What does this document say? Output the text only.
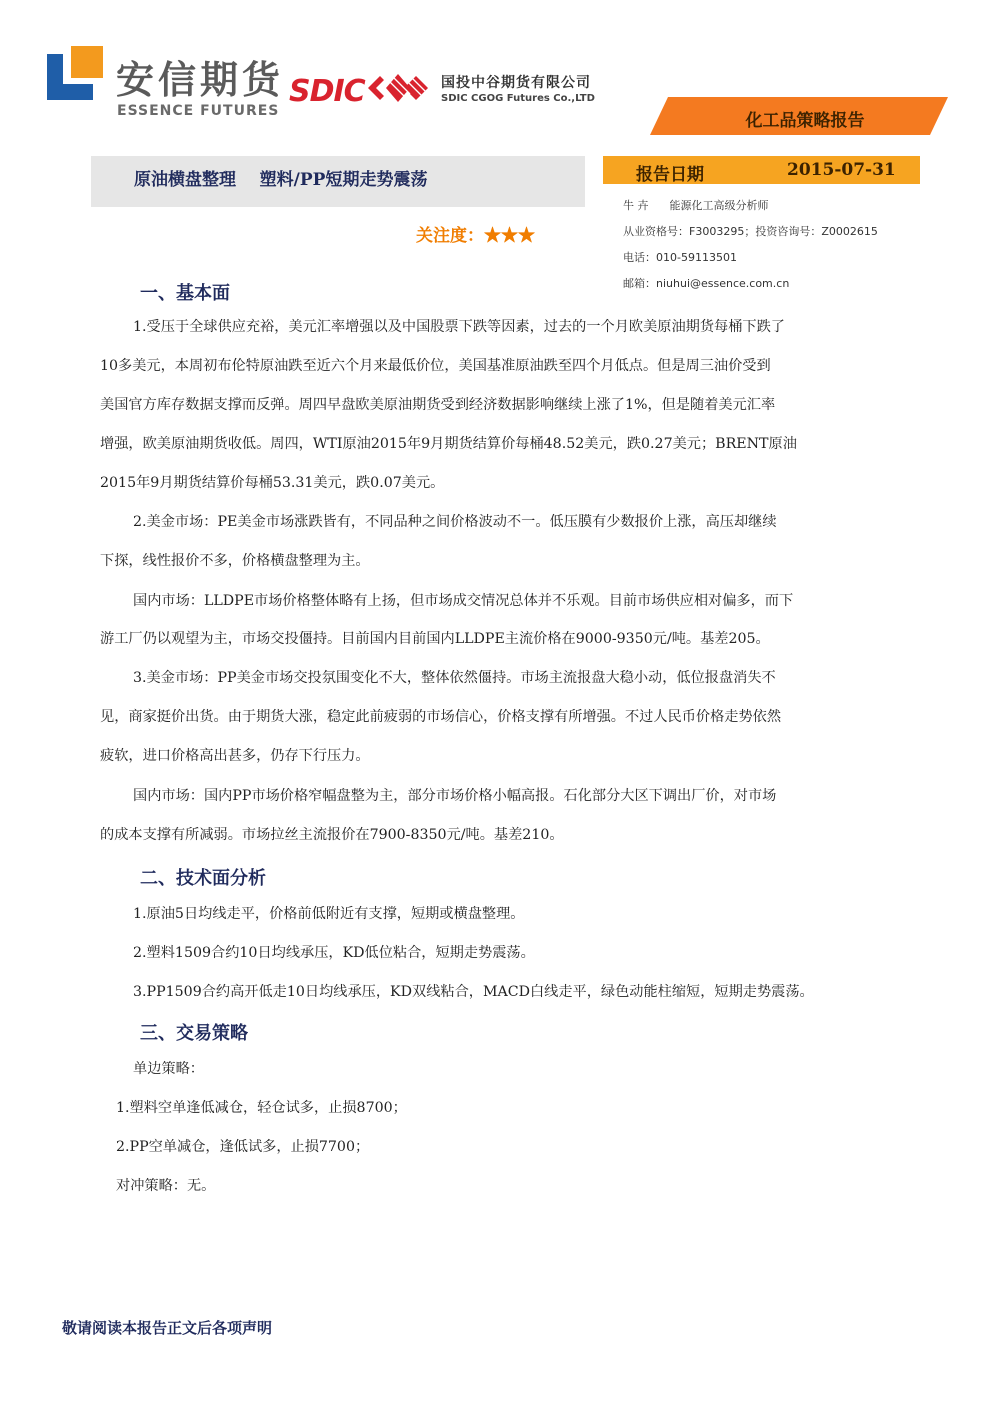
安信期货
ESSENCE FUTURES
SDIC	国投中谷期货有限公司
SDIC CGOG Futures Co.,LTD
化工品策略报告
原油横盘整理    塑料/PP短期走势震荡
关注度：★★★
报告日期	2015-07-31
牛 卉      能源化工高级分析师
从业资格号：F3003295；投资咨询号：Z0002615
电话：010-59113501
邮箱：niuhui@essence.com.cn
一、基本面
1.受压于全球供应充裕，美元汇率增强以及中国股票下跌等因素，过去的一个月欧美原油期货每桶下跌了
10多美元，本周初布伦特原油跌至近六个月来最低价位，美国基准原油跌至四个月低点。但是周三油价受到
美国官方库存数据支撑而反弹。周四早盘欧美原油期货受到经济数据影响继续上涨了1%，但是随着美元汇率
增强，欧美原油期货收低。周四，WTI原油2015年9月期货结算价每桶48.52美元，跌0.27美元；BRENT原油
2015年9月期货结算价每桶53.31美元，跌0.07美元。
2.美金市场：PE美金市场涨跌皆有，不同品种之间价格波动不一。低压膜有少数报价上涨，高压却继续
下探，线性报价不多，价格横盘整理为主。
国内市场：LLDPE市场价格整体略有上扬，但市场成交情况总体并不乐观。目前市场供应相对偏多，而下
游工厂仍以观望为主，市场交投僵持。目前国内目前国内LLDPE主流价格在9000-9350元/吨。基差205。
3.美金市场：PP美金市场交投氛围变化不大，整体依然僵持。市场主流报盘大稳小动，低位报盘消失不
见，商家挺价出货。由于期货大涨，稳定此前疲弱的市场信心，价格支撑有所增强。不过人民币价格走势依然
疲软，进口价格高出甚多，仍存下行压力。
国内市场：国内PP市场价格窄幅盘整为主，部分市场价格小幅高报。石化部分大区下调出厂价，对市场
的成本支撑有所减弱。市场拉丝主流报价在7900-8350元/吨。基差210。
二、技术面分析
1.原油5日均线走平，价格前低附近有支撑，短期或横盘整理。
2.塑料1509合约10日均线承压，KD低位粘合，短期走势震荡。
3.PP1509合约高开低走10日均线承压，KD双线粘合，MACD白线走平，绿色动能柱缩短，短期走势震荡。
三、交易策略
单边策略：
1.塑料空单逢低减仓，轻仓试多，止损8700；
2.PP空单减仓，逢低试多，止损7700；
对冲策略：无。
敬请阅读本报告正文后各项声明
